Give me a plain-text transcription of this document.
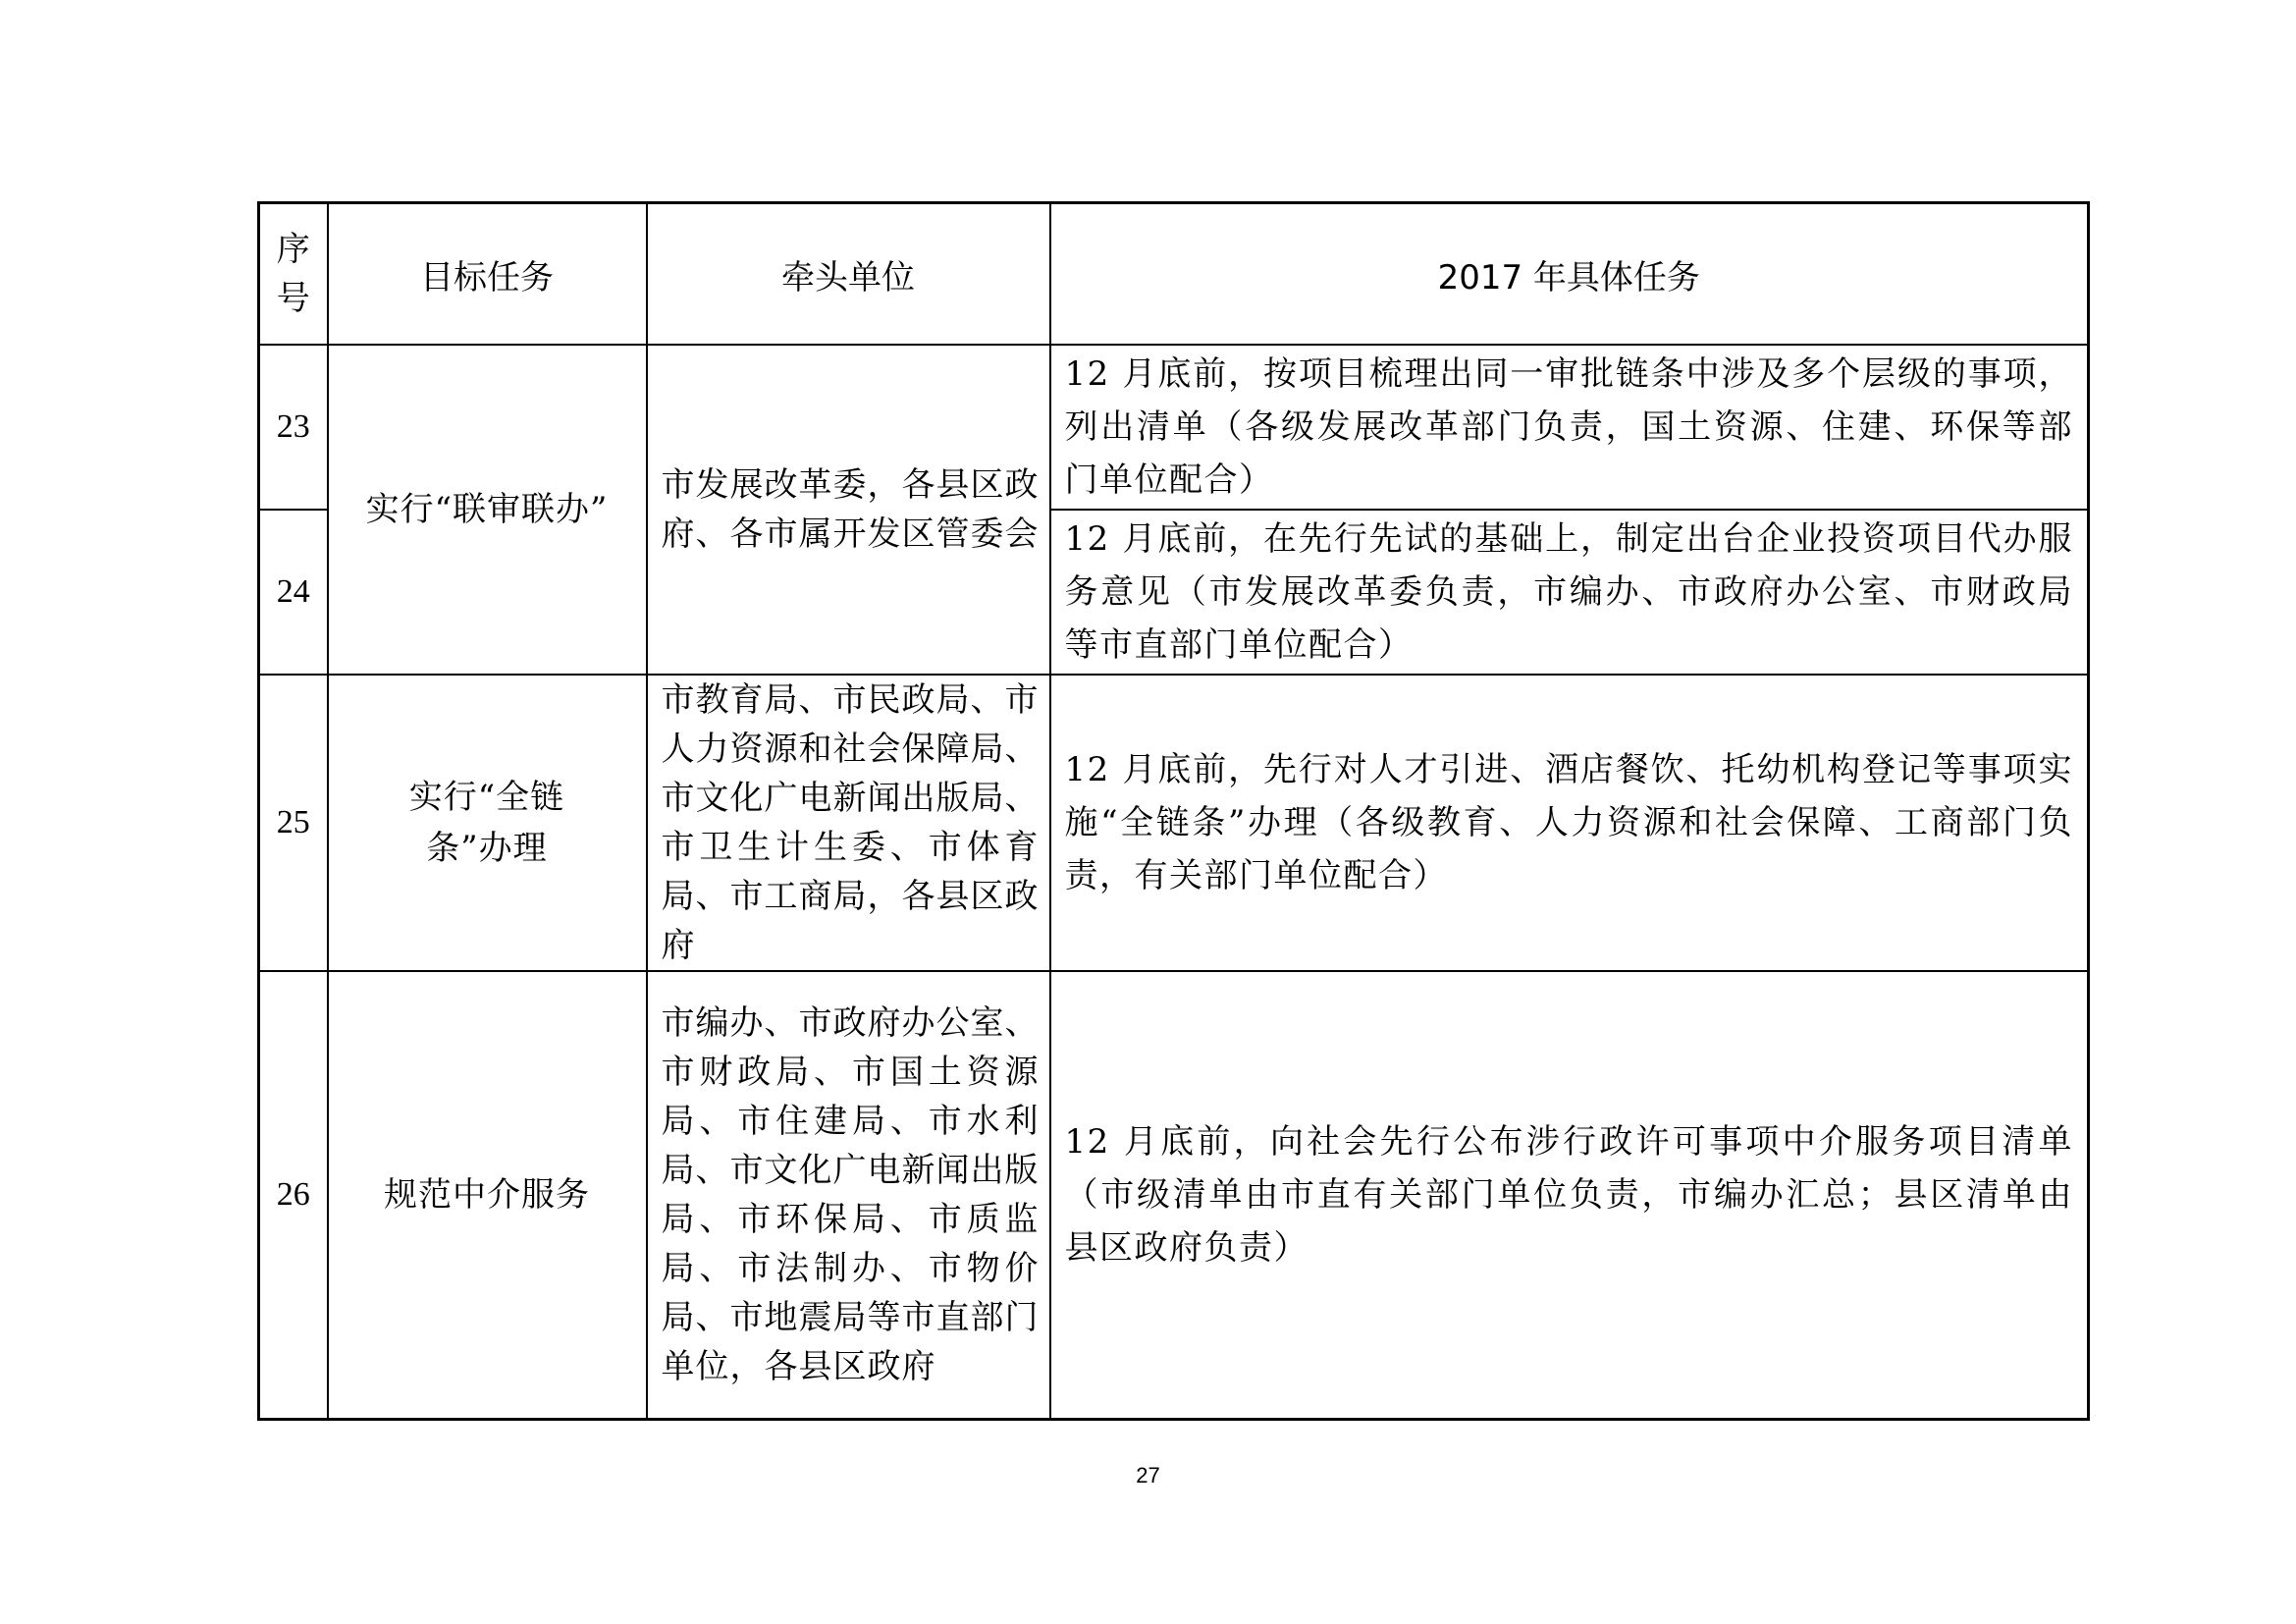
序号	目标任务	牵头单位	2017 年具体任务
23	实行“联审联办”	市发展改革委，各县区政府、各市属开发区管委会	12 月底前，按项目梳理出同一审批链条中涉及多个层级的事项，列出清单（各级发展改革部门负责，国土资源、住建、环保等部门单位配合）
24			12 月底前，在先行先试的基础上，制定出台企业投资项目代办服务意见（市发展改革委负责，市编办、市政府办公室、市财政局等市直部门单位配合）
25	实行“全链条”办理	市教育局、市民政局、市人力资源和社会保障局、市文化广电新闻出版局、市卫生计生委、市体育局、市工商局，各县区政府	12 月底前，先行对人才引进、酒店餐饮、托幼机构登记等事项实施“全链条”办理（各级教育、人力资源和社会保障、工商部门负责，有关部门单位配合）
26	规范中介服务	市编办、市政府办公室、市财政局、市国土资源局、市住建局、市水利局、市文化广电新闻出版局、市环保局、市质监局、市法制办、市物价局、市地震局等市直部门单位，各县区政府	12 月底前，向社会先行公布涉行政许可事项中介服务项目清单（市级清单由市直有关部门单位负责，市编办汇总；县区清单由县区政府负责）
27
